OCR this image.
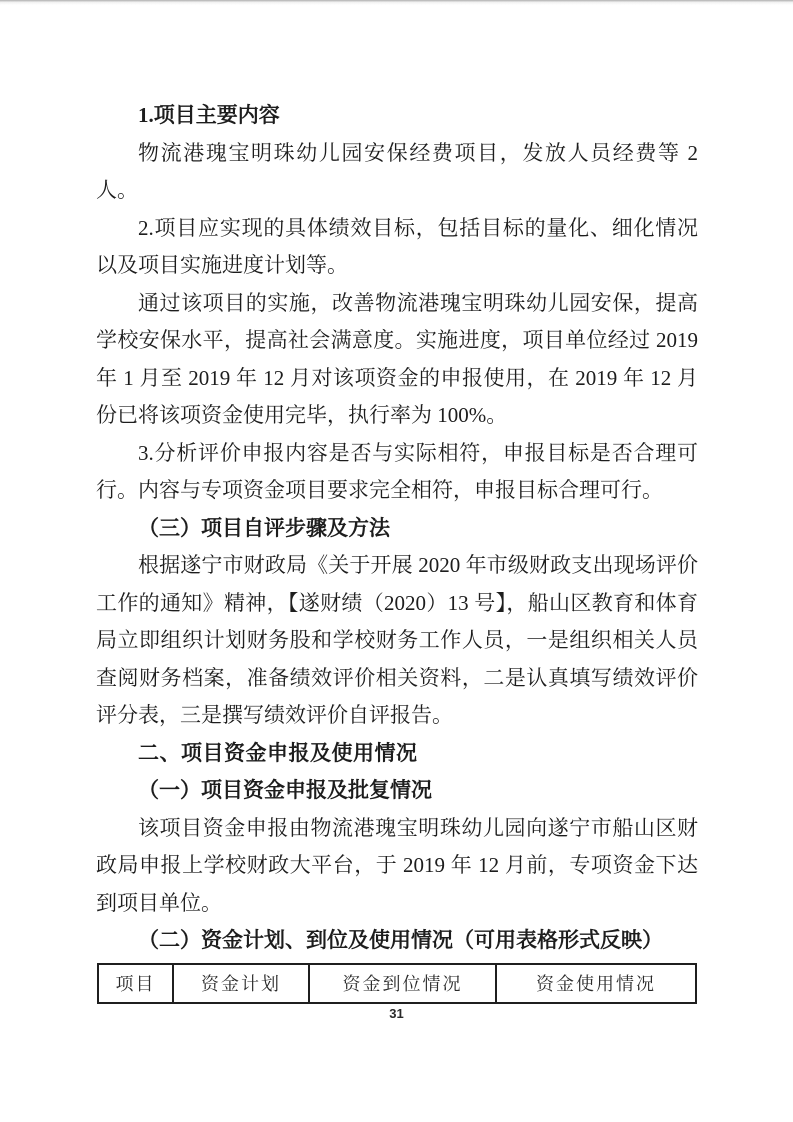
1.项目主要内容

物流港瑰宝明珠幼儿园安保经费项目，发放人员经费等 2 人。

2.项目应实现的具体绩效目标，包括目标的量化、细化情况以及项目实施进度计划等。

通过该项目的实施，改善物流港瑰宝明珠幼儿园安保，提高学校安保水平，提高社会满意度。实施进度，项目单位经过 2019 年 1 月至 2019 年 12 月对该项资金的申报使用，在 2019 年 12 月份已将该项资金使用完毕，执行率为 100%。

3.分析评价申报内容是否与实际相符，申报目标是否合理可行。内容与专项资金项目要求完全相符，申报目标合理可行。

（三）项目自评步骤及方法

根据遂宁市财政局《关于开展 2020 年市级财政支出现场评价工作的通知》精神，【遂财绩（2020）13 号】，船山区教育和体育局立即组织计划财务股和学校财务工作人员，一是组织相关人员查阅财务档案，准备绩效评价相关资料，二是认真填写绩效评价评分表，三是撰写绩效评价自评报告。

二、项目资金申报及使用情况

（一）项目资金申报及批复情况

该项目资金申报由物流港瑰宝明珠幼儿园向遂宁市船山区财政局申报上学校财政大平台，于 2019 年 12 月前，专项资金下达到项目单位。

（二）资金计划、到位及使用情况（可用表格形式反映）

项目	资金计划	资金到位情况	资金使用情况
31
